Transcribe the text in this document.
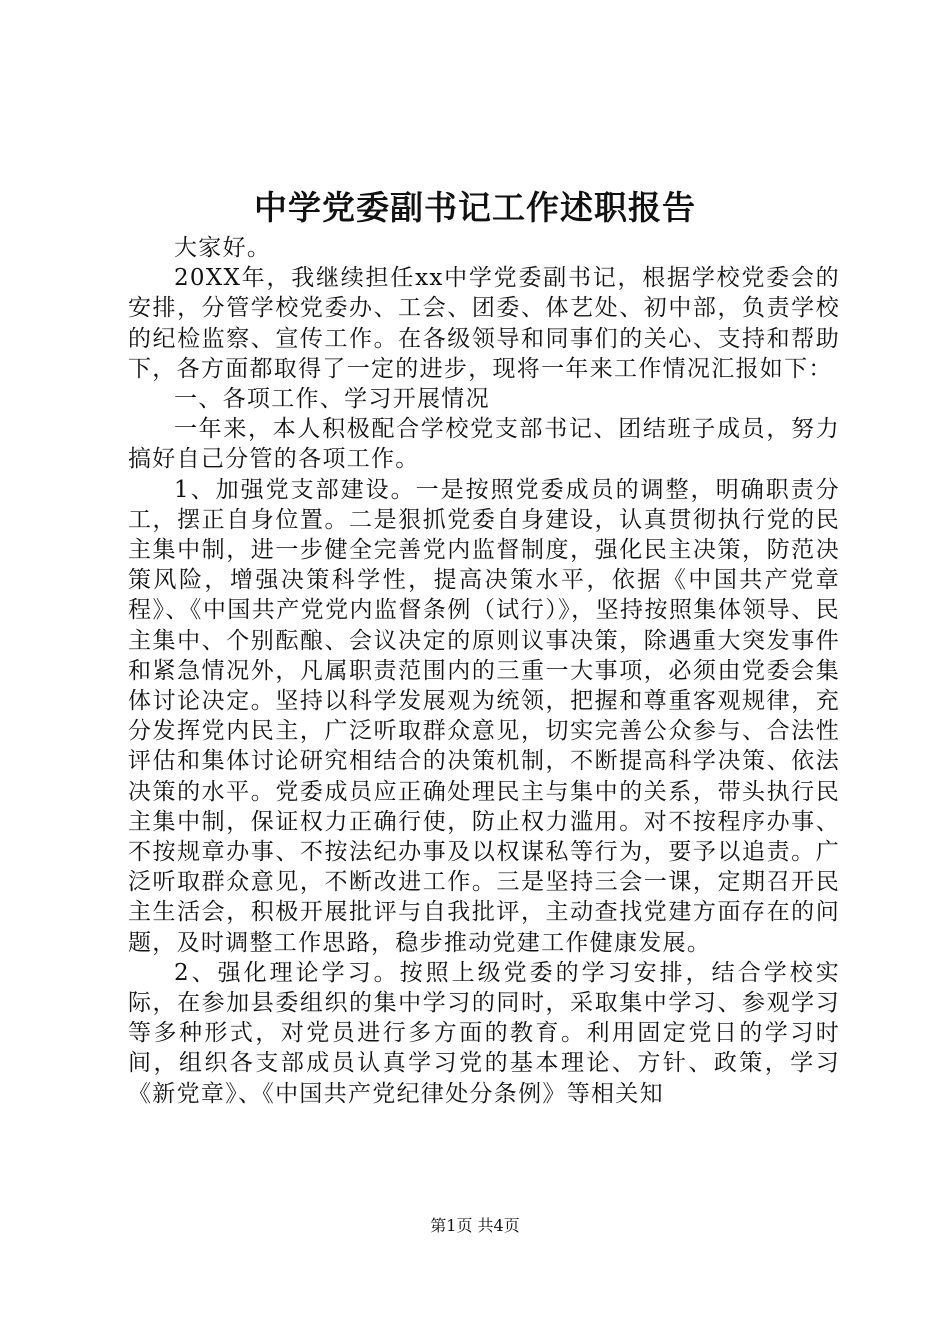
中学党委副书记工作述职报告

大家好。

20XX年，我继续担任xx中学党委副书记，根据学校党委会的安排，分管学校党委办、工会、团委、体艺处、初中部，负责学校的纪检监察、宣传工作。在各级领导和同事们的关心、支持和帮助下，各方面都取得了一定的进步，现将一年来工作情况汇报如下：

一、各项工作、学习开展情况

一年来，本人积极配合学校党支部书记、团结班子成员，努力搞好自己分管的各项工作。

1、加强党支部建设。一是按照党委成员的调整，明确职责分工，摆正自身位置。二是狠抓党委自身建设，认真贯彻执行党的民主集中制，进一步健全完善党内监督制度，强化民主决策，防范决策风险，增强决策科学性，提高决策水平，依据《中国共产党章程》、《中国共产党党内监督条例（试行）》，坚持按照集体领导、民主集中、个别酝酿、会议决定的原则议事决策，除遇重大突发事件和紧急情况外，凡属职责范围内的三重一大事项，必须由党委会集体讨论决定。坚持以科学发展观为统领，把握和尊重客观规律，充分发挥党内民主，广泛听取群众意见，切实完善公众参与、合法性评估和集体讨论研究相结合的决策机制，不断提高科学决策、依法决策的水平。党委成员应正确处理民主与集中的关系，带头执行民主集中制，保证权力正确行使，防止权力滥用。对不按程序办事、不按规章办事、不按法纪办事及以权谋私等行为，要予以追责。广泛听取群众意见，不断改进工作。三是坚持三会一课，定期召开民主生活会，积极开展批评与自我批评，主动查找党建方面存在的问题，及时调整工作思路，稳步推动党建工作健康发展。

2、强化理论学习。按照上级党委的学习安排，结合学校实际，在参加县委组织的集中学习的同时，采取集中学习、参观学习等多种形式，对党员进行多方面的教育。利用固定党日的学习时间，组织各支部成员认真学习党的基本理论、方针、政策，学习《新党章》、《中国共产党纪律处分条例》等相关知

第1页 共4页
